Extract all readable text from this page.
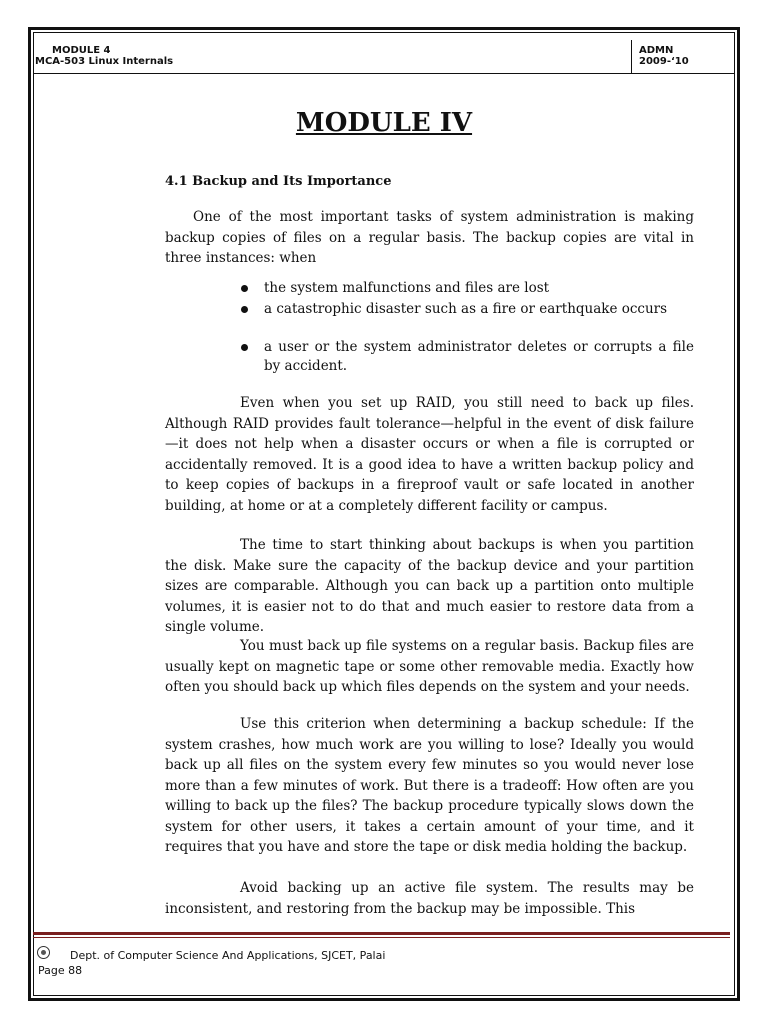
MODULE 4
MCA-503 Linux Internals
ADMN
2009-‘10
MODULE IV
4.1 Backup and Its Importance

One of the most important tasks of system administration is making backup copies of files on a regular basis. The backup copies are vital in three instances: when

the system malfunctions and files are lost
a catastrophic disaster such as a fire or earthquake occurs
a user or the system administrator deletes or corrupts a file by accident.

Even when you set up RAID, you still need to back up files. Although RAID provides fault tolerance—helpful in the event of disk failure—it does not help when a disaster occurs or when a file is corrupted or accidentally removed. It is a good idea to have a written backup policy and to keep copies of backups in a fireproof vault or safe located in another building, at home or at a completely different facility or campus.

The time to start thinking about backups is when you partition the disk. Make sure the capacity of the backup device and your partition sizes are comparable. Although you can back up a partition onto multiple volumes, it is easier not to do that and much easier to restore data from a single volume.

You must back up file systems on a regular basis. Backup files are usually kept on magnetic tape or some other removable media. Exactly how often you should back up which files depends on the system and your needs.

Use this criterion when determining a backup schedule: If the system crashes, how much work are you willing to lose? Ideally you would back up all files on the system every few minutes so you would never lose more than a few minutes of work. But there is a tradeoff: How often are you willing to back up the files? The backup procedure typically slows down the system for other users, it takes a certain amount of your time, and it requires that you have and store the tape or disk media holding the backup.

Avoid backing up an active file system. The results may be inconsistent, and restoring from the backup may be impossible. This

Dept. of Computer Science And Applications, SJCET, Palai
Page 88
